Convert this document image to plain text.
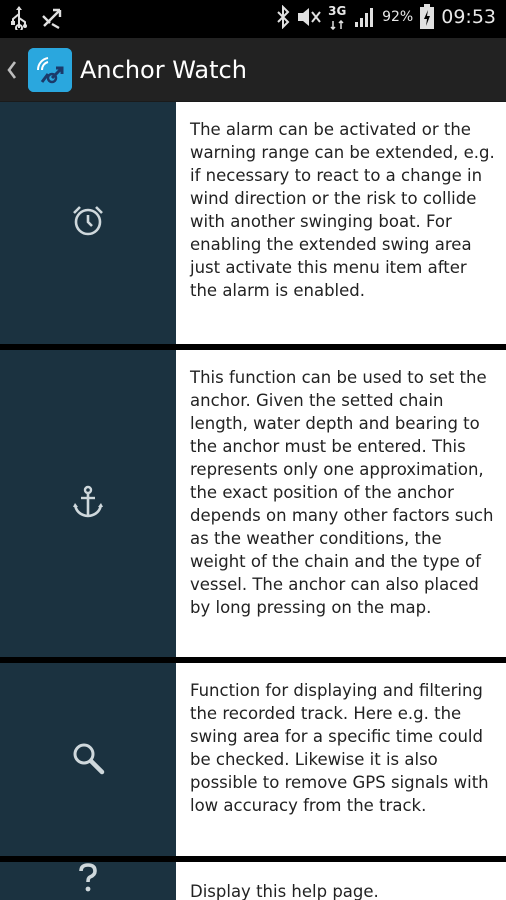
3G	92% 09:53
Anchor Watch
The alarm can be activated or the warning range can be extended, e.g. if necessary to react to a change in wind direction or the risk to collide with another swinging boat. For enabling the extended swing area just activate this menu item after the alarm is enabled.
This function can be used to set the anchor. Given the setted chain length, water depth and bearing to the anchor must be entered. This represents only one approximation, the exact position of the anchor depends on many other factors such as the weather conditions, the weight of the chain and the type of vessel. The anchor can also placed by long pressing on the map.
Function for displaying and filtering the recorded track. Here e.g. the swing area for a specific time could be checked. Likewise it is also possible to remove GPS signals with low accuracy from the track.
Display this help page.
